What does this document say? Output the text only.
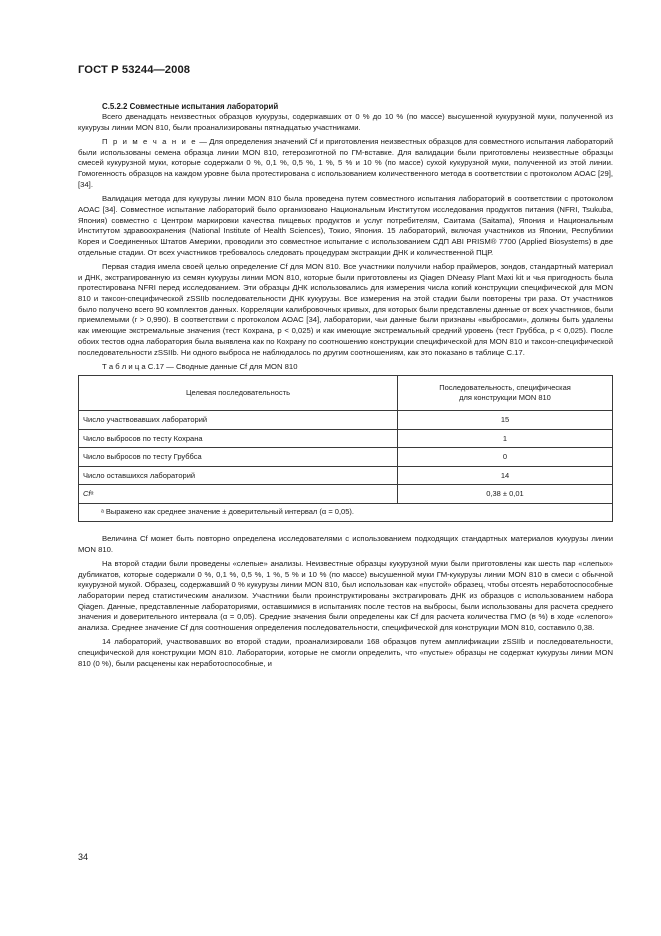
ГОСТ Р 53244—2008
С.5.2.2 Совместные испытания лабораторий

Всего двенадцать неизвестных образцов кукурузы, содержавших от 0 % до 10 % (по массе) высушенной кукурузной муки, полученной из кукурузы линии MON 810, были проанализированы пятнадцатью участниками.

П р и м е ч а н и е — Для определения значений Cf и приготовления неизвестных образцов для совместного испытания лабораторий были использованы семена образца линии MON 810, гетерозиготной по ГМ-вставке. Для валидации были приготовлены неизвестные образцы смесей кукурузной муки, которые содержали 0 %, 0,1 %, 0,5 %, 1 %, 5 % и 10 % (по массе) сухой кукурузной муки, полученной из этой линии. Гомогенность образцов на каждом уровне была протестирована с использованием количественного метода в соответствии с протоколом AOAC [29], [34].

Валидация метода для кукурузы линии MON 810 была проведена путем совместного испытания лабораторий в соответствии с протоколом AOAC [34]. Совместное испытание лабораторий было организовано Национальным Институтом исследования продуктов питания (NFRI, Tsukuba, Япония) совместно с Центром маркировки качества пищевых продуктов и услуг потребителям, Саитама (Saitama), Япония и Национальным Институтом здравоохранения (National Institute of Health Sciences), Токио, Япония. 15 лабораторий, включая участников из Японии, Республики Корея и Соединенных Штатов Америки, проводили это совместное испытание с использованием СДП ABI PRISM® 7700 (Applied Biosystems) в две отдельные стадии. От всех участников требовалось следовать процедурам экстракции ДНК и количественной ПЦР.

Первая стадия имела своей целью определение Cf для MON 810. Все участники получили набор праймеров, зондов, стандартный материал и ДНК, экстрагированную из семян кукурузы линии MON 810, которые были приготовлены из Qiagen DNeasy Plant Maxi kit и чья пригодность была протестирована NFRI перед исследованием. Эти образцы ДНК использовались для измерения числа копий конструкции специфической для MON 810 и таксон-специфической zSSIIb последовательности ДНК кукурузы. Все измерения на этой стадии были повторены три раза. От участников было получено всего 90 комплектов данных. Корреляции калибровочных кривых, для которых были представлены данные от всех участников, были приемлемыми (r > 0,990). В соответствии с протоколом AOAC [34], лаборатории, чьи данные были признаны «выбросами», должны быть удалены как имеющие экстремальные значения (тест Кохрана, p < 0,025) и как имеющие экстремальный средний уровень (тест Груббса, p < 0,025). После обоих тестов одна лаборатория была выявлена как по Кохрану по соотношению конструкции специфической для MON 810 и таксон-специфической последовательности zSSIIb. Ни одного выброса не наблюдалось по другим соотношениям, как это показано в таблице С.17.

Т а б л и ц а С.17 — Сводные данные Cf для MON 810

Целевая последовательность	Последовательность, специфическая
для конструкции MON 810
Число участвовавших лабораторий	15
Число выбросов по тесту Кохрана	1
Число выбросов по тесту Груббса	0
Число оставшихся лабораторий	14
Cfᵃ	0,38 ± 0,01
ᵃ Выражено как среднее значение ± доверительный интервал (α = 0,05).	

Величина Cf может быть повторно определена исследователями с использованием подходящих стандартных материалов кукурузы линии MON 810.

На второй стадии были проведены «слепые» анализы. Неизвестные образцы кукурузной муки были приготовлены как шесть пар «слепых» дубликатов, которые содержали 0 %, 0,1 %, 0,5 %, 1 %, 5 % и 10 % (по массе) высушенной муки ГМ-кукурузы линии MON 810 в смеси с обычной кукурузной мукой. Образец, содержавший 0 % кукурузы линии MON 810, был использован как «пустой» образец, чтобы отсеять неработоспособные лаборатории перед статистическим анализом. Участники были проинструктированы экстрагировать ДНК из образцов с использованием набора Qiagen. Данные, представленные лабораториями, оставшимися в испытаниях после тестов на выбросы, были использованы для расчета среднего значения и доверительного интервала (α = 0,05). Средние значения были определены как Cf для расчета количества ГМО (в %) в ходе «слепого» анализа. Среднее значение Cf для соотношения определения последовательности, специфической для конструкции MON 810, составило 0,38.

14 лабораторий, участвовавших во второй стадии, проанализировали 168 образцов путем амплификации zSSIIb и последовательности, специфической для конструкции MON 810. Лаборатории, которые не смогли определить, что «пустые» образцы не содержат кукурузы линии MON 810 (0 %), были расценены как неработоспособные, и

34
